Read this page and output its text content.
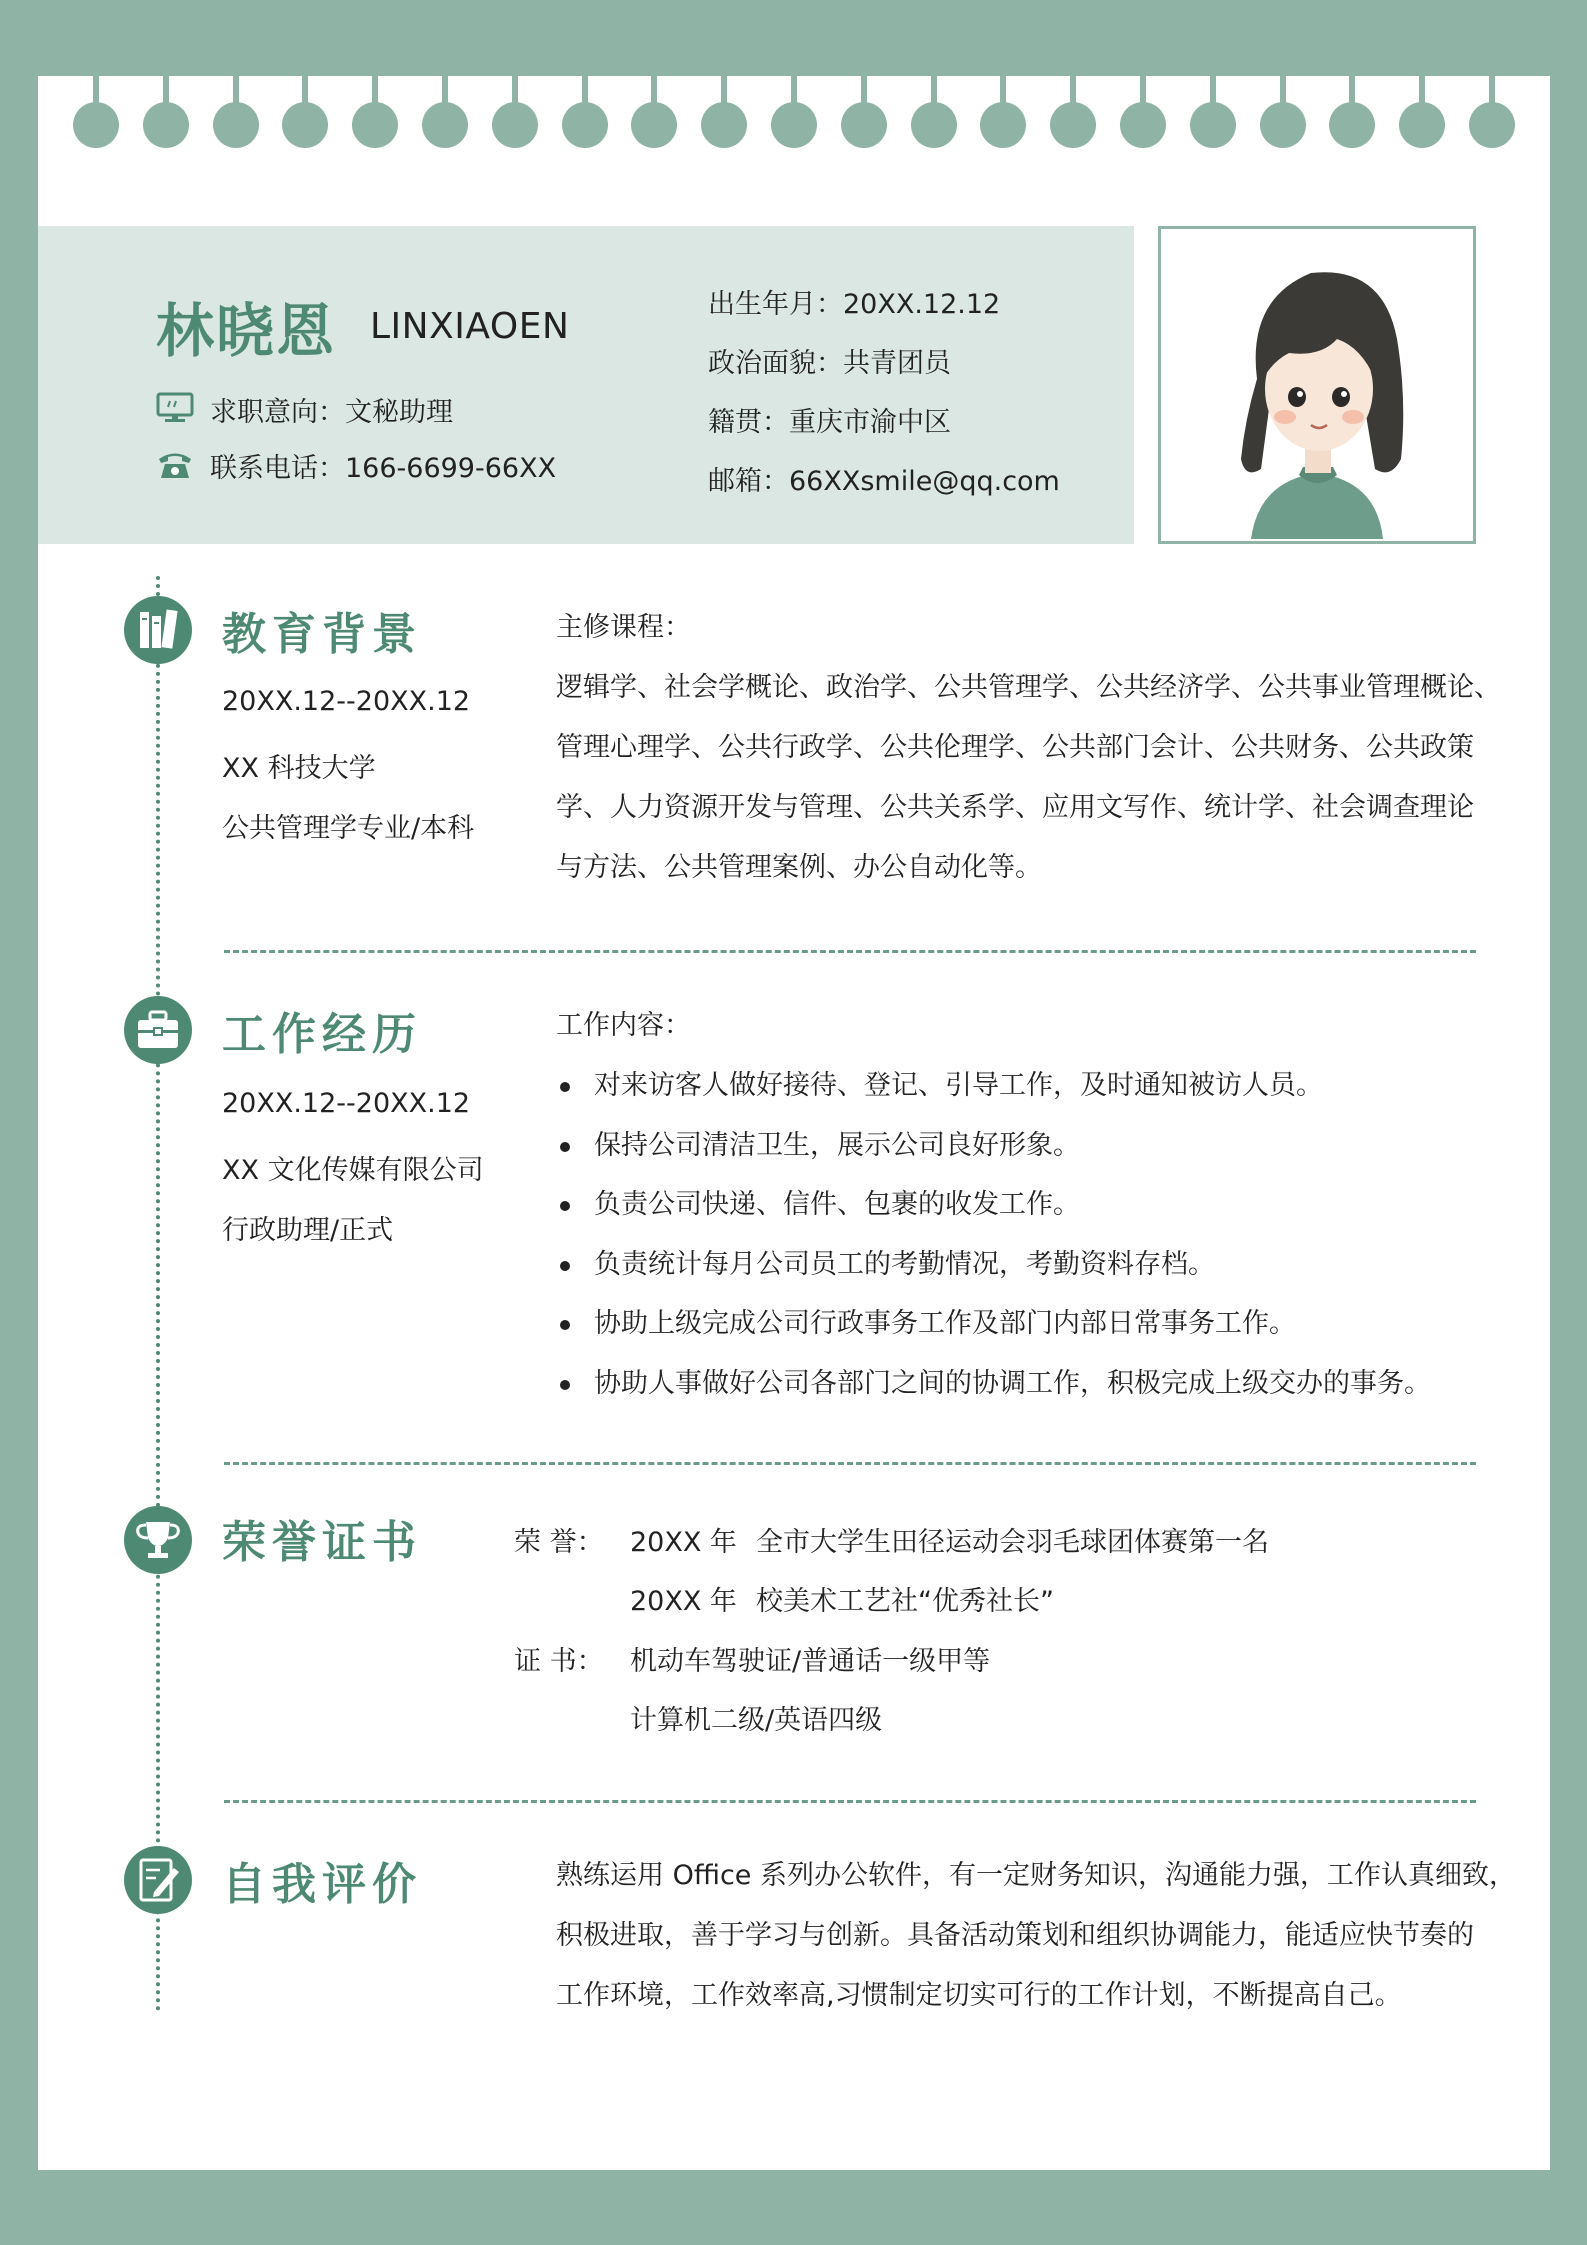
林晓恩 LINXIAOEN
求职意向：文秘助理
联系电话：166-6699-66XX
出生年月：20XX.12.12
政治面貌：共青团员
籍贯：重庆市渝中区
邮箱：66XXsmile@qq.com
教育背景
20XX.12--20XX.12
XX 科技大学
公共管理学专业/本科
主修课程：
逻辑学、社会学概论、政治学、公共管理学、公共经济学、公共事业管理概论、
管理心理学、公共行政学、公共伦理学、公共部门会计、公共财务、公共政策
学、人力资源开发与管理、公共关系学、应用文写作、统计学、社会调查理论
与方法、公共管理案例、办公自动化等。
工作经历
20XX.12--20XX.12
XX 文化传媒有限公司
行政助理/正式
工作内容：
对来访客人做好接待、登记、引导工作，及时通知被访人员。
保持公司清洁卫生，展示公司良好形象。
负责公司快递、信件、包裹的收发工作。
负责统计每月公司员工的考勤情况，考勤资料存档。
协助上级完成公司行政事务工作及部门内部日常事务工作。
协助人事做好公司各部门之间的协调工作，积极完成上级交办的事务。
荣誉证书	荣 誉： 20XX 年 全市大学生田径运动会羽毛球团体赛第一名
20XX 年 校美术工艺社“优秀社长”
证 书： 机动车驾驶证/普通话一级甲等
计算机二级/英语四级
自我评价	熟练运用 Office 系列办公软件，有一定财务知识，沟通能力强，工作认真细致，
积极进取，善于学习与创新。具备活动策划和组织协调能力，能适应快节奏的
工作环境，工作效率高,习惯制定切实可行的工作计划，不断提高自己。
